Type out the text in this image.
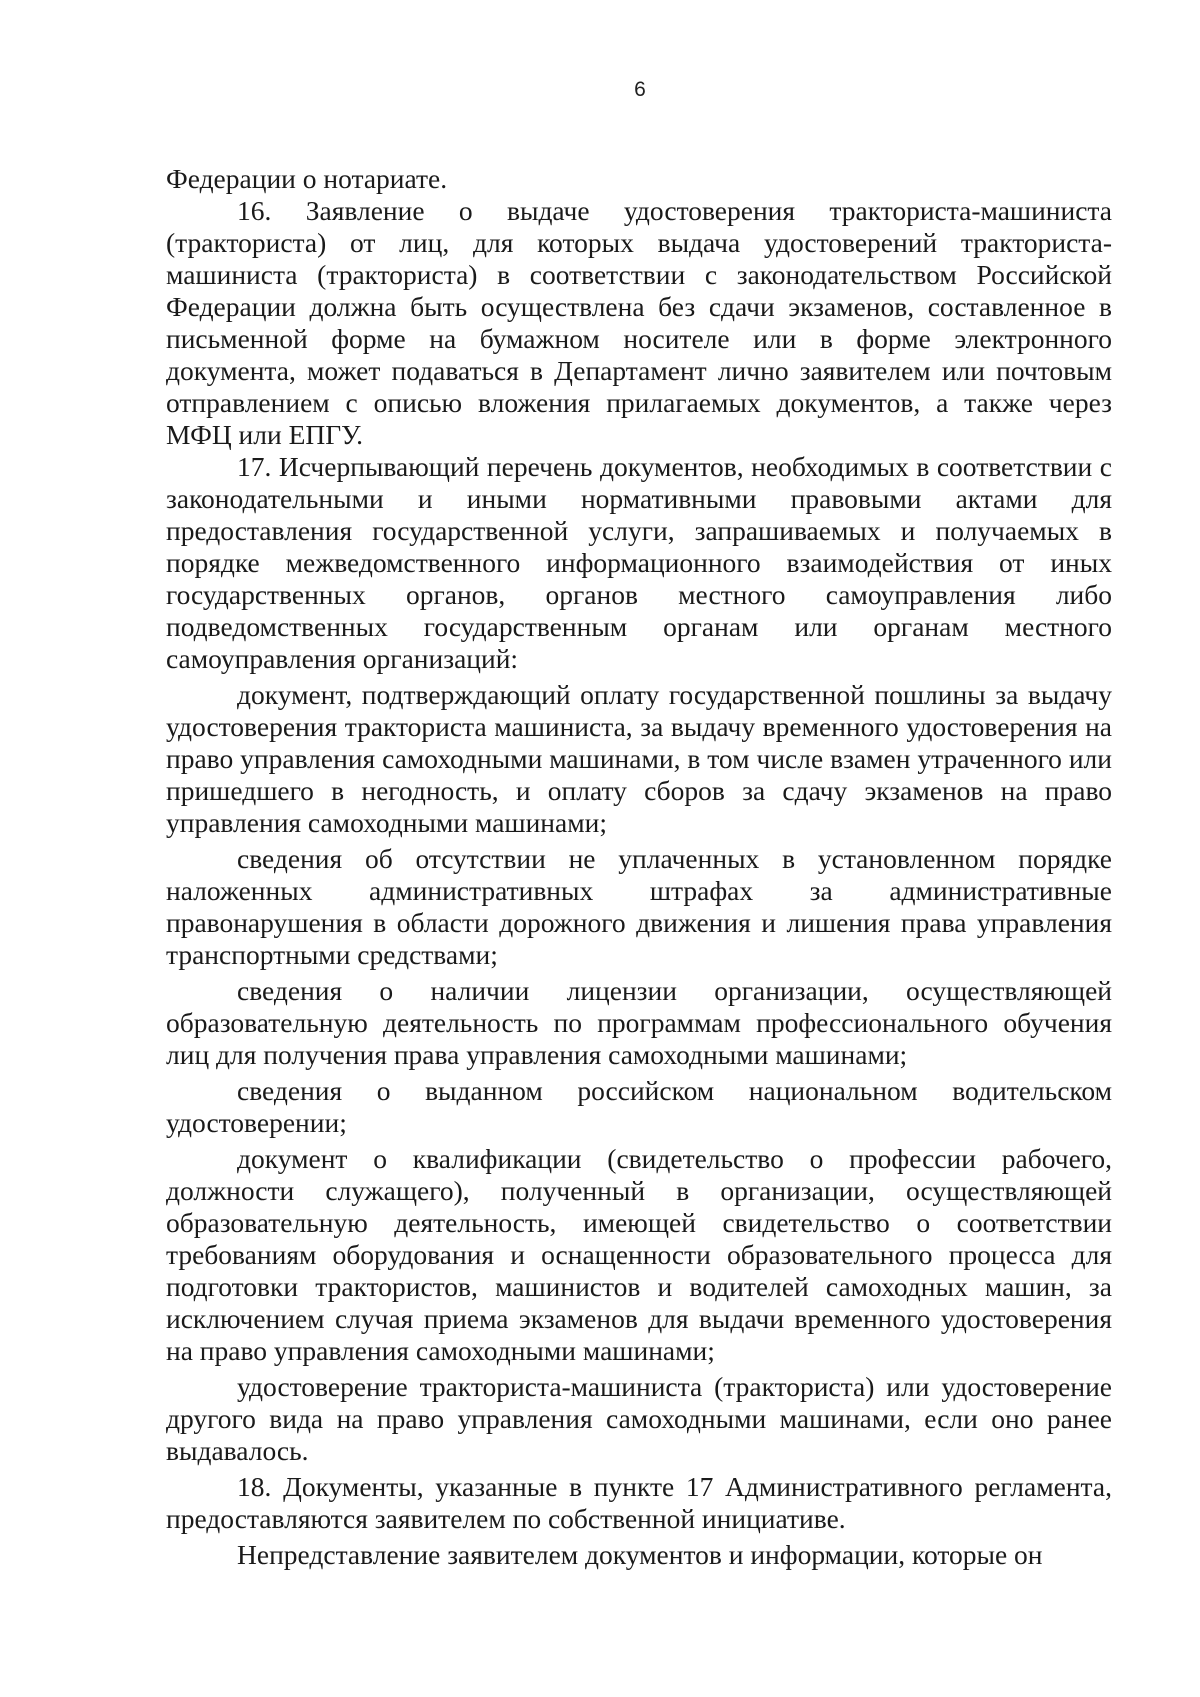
6

Федерации о нотариате.

16. Заявление о выдаче удостоверения тракториста-машиниста (тракториста) от лиц, для которых выдача удостоверений тракториста-машиниста (тракториста) в соответствии с законодательством Российской Федерации должна быть осуществлена без сдачи экзаменов, составленное в письменной форме на бумажном носителе или в форме электронного документа, может подаваться в Департамент лично заявителем или почтовым отправлением с описью вложения прилагаемых документов, а также через МФЦ или ЕПГУ.

17. Исчерпывающий перечень документов, необходимых в соответствии с законодательными и иными нормативными правовыми актами для предоставления государственной услуги, запрашиваемых и получаемых в порядке межведомственного информационного взаимодействия от иных государственных органов, органов местного самоуправления либо подведомственных государственным органам или органам местного самоуправления организаций:

документ, подтверждающий оплату государственной пошлины за выдачу удостоверения тракториста машиниста, за выдачу временного удостоверения на право управления самоходными машинами, в том числе взамен утраченного или пришедшего в негодность, и оплату сборов за сдачу экзаменов на право управления самоходными машинами;

сведения об отсутствии не уплаченных в установленном порядке наложенных административных штрафах за административные правонарушения в области дорожного движения и лишения права управления транспортными средствами;

сведения о наличии лицензии организации, осуществляющей образовательную деятельность по программам профессионального обучения лиц для получения права управления самоходными машинами;

сведения о выданном российском национальном водительском удостоверении;

документ о квалификации (свидетельство о профессии рабочего, должности служащего), полученный в организации, осуществляющей образовательную деятельность, имеющей свидетельство о соответствии требованиям оборудования и оснащенности образовательного процесса для подготовки трактористов, машинистов и водителей самоходных машин, за исключением случая приема экзаменов для выдачи временного удостоверения на право управления самоходными машинами;

удостоверение тракториста-машиниста (тракториста) или удостоверение другого вида на право управления самоходными машинами, если оно ранее выдавалось.

18. Документы, указанные в пункте 17 Административного регламента, предоставляются заявителем по собственной инициативе.

Непредставление заявителем документов и информации, которые он
